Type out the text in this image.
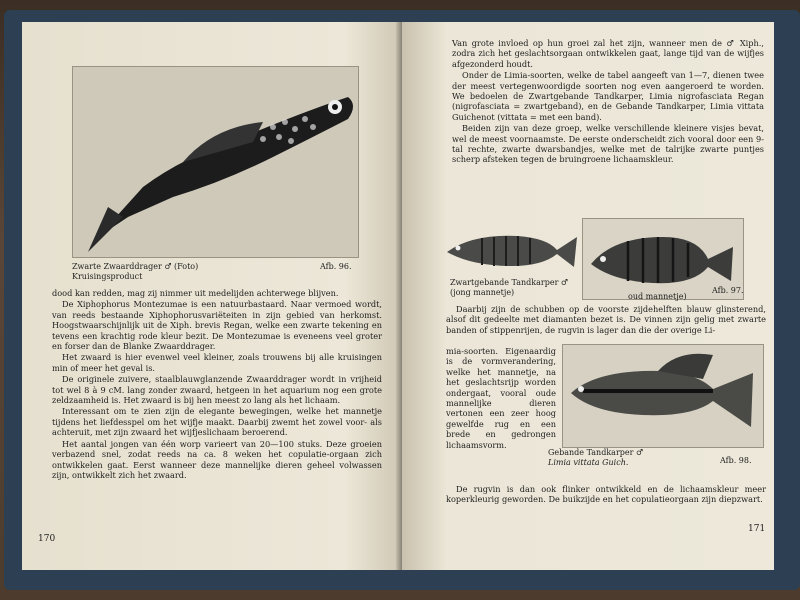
Zwarte Zwaarddrager ♂ (Foto)
Kruisingsproduct
Afb. 96.

dood kan redden, mag zij nimmer uit medelijden achterwege blijven.

De Xiphophorus Montezumae is een natuurbastaard. Naar vermoed wordt, van reeds bestaande Xiphophorusvariëteiten in zijn gebied van herkomst. Hoogstwaarschijnlijk uit de Xiph. brevis Regan, welke een zwarte tekening en tevens een krachtig rode kleur bezit. De Montezumae is eveneens veel groter en forser dan de Blanke Zwaarddrager.

Het zwaard is hier evenwel veel kleiner, zoals trouwens bij alle kruisingen min of meer het geval is.

De originele zuivere, staalblauwglanzende Zwaarddrager wordt in vrijheid tot wel 8 à 9 cM. lang zonder zwaard, hetgeen in het aquarium nog een grote zeldzaamheid is. Het zwaard is bij hen meest zo lang als het lichaam.

Interessant om te zien zijn de elegante bewegingen, welke het mannetje tijdens het liefdesspel om het wijfje maakt. Daarbij zwemt het zowel voor- als achteruit, met zijn zwaard het wijfjeslichaam beroerend.

Het aantal jongen van één worp varieert van 20—100 stuks. Deze groeien verbazend snel, zodat reeds na ca. 8 weken het copulatie-orgaan zich ontwikkelen gaat. Eerst wanneer deze mannelijke dieren geheel volwassen zijn, ontwikkelt zich het zwaard.

170

Van grote invloed op hun groei zal het zijn, wanneer men de ♂ Xiph., zodra zich het geslachtsorgaan ontwikkelen gaat, lange tijd van de wijfjes afgezonderd houdt.

Onder de Limia-soorten, welke de tabel aangeeft van 1—7, dienen twee der meest vertegenwoordigde soorten nog even aangeroerd te worden. We bedoelen de Zwartgebande Tandkarper, Limia nigrofasciata Regan (nigrofasciata = zwartgeband), en de Gebande Tandkarper, Limia vittata Guichenot (vittata = met een band).

Beiden zijn van deze groep, welke verschillende kleinere visjes bevat, wel de meest voornaamste. De eerste onderscheidt zich vooral door een 9-tal rechte, zwarte dwarsbandjes, welke met de talrijke zwarte puntjes scherp afsteken tegen de bruingroene lichaamskleur.

Zwartgebande Tandkarper ♂
(jong mannetje)	oud mannetje)
Afb. 97.

Daarbij zijn de schubben op de voorste zijdehelften blauw glinsterend, alsof dit gedeelte met diamanten bezet is. De vinnen zijn gelig met zwarte banden of stippenrijen, de rugvin is lager dan die der overige Li-

mia-soorten. Eigenaardig is de vormverandering, welke het mannetje, na het geslachtsrijp worden ondergaat, vooral oude mannelijke dieren vertonen een zeer hoog gewelfde rug en een brede en gedrongen lichaamsvorm.

Gebande Tandkarper ♂
Limia vittata Guich.	Afb. 98.

De rugvin is dan ook flinker ontwikkeld en de lichaamskleur meer koperkleurig geworden. De buikzijde en het copulatieorgaan zijn diepzwart.

171
